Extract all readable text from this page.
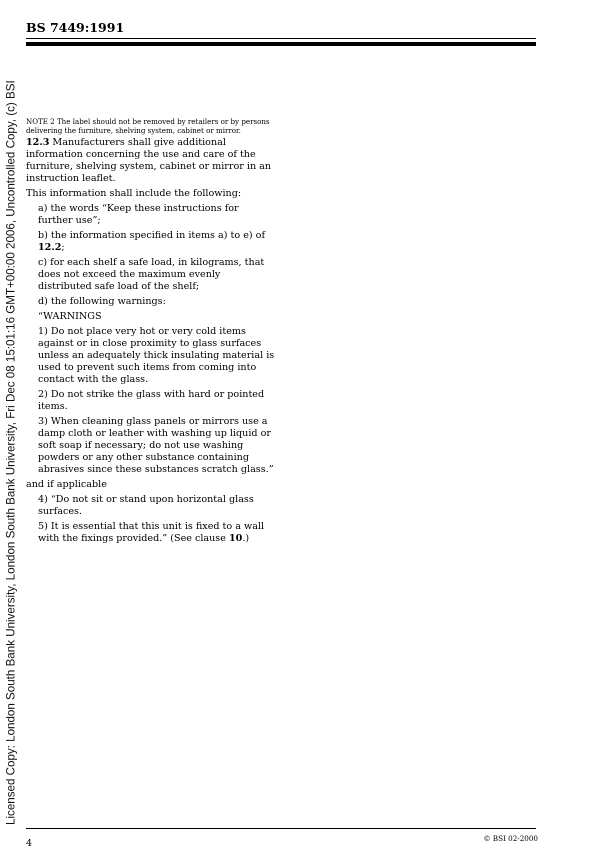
Licensed Copy: London South Bank University, London South Bank University, Fri Dec 08 15:01:16 GMT+00:00 2006, Uncontrolled Copy, (c) BSI
BS 7449:1991
NOTE 2 The label should not be removed by retailers or by persons delivering the furniture, shelving system, cabinet or mirror.
12.3 Manufacturers shall give additional information concerning the use and care of the furniture, shelving system, cabinet or mirror in an instruction leaflet.
This information shall include the following:
a) the words “Keep these instructions for further use”;
b) the information specified in items a) to e) of 12.2;
c) for each shelf a safe load, in kilograms, that does not exceed the maximum evenly distributed safe load of the shelf;
d) the following warnings:
“WARNINGS
1) Do not place very hot or very cold items against or in close proximity to glass surfaces unless an adequately thick insulating material is used to prevent such items from coming into contact with the glass.
2) Do not strike the glass with hard or pointed items.
3) When cleaning glass panels or mirrors use a damp cloth or leather with washing up liquid or soft soap if necessary; do not use washing powders or any other substance containing abrasives since these substances scratch glass.”
and if applicable
4) “Do not sit or stand upon horizontal glass surfaces.
5) It is essential that this unit is fixed to a wall with the fixings provided.” (See clause 10.)
4	© BSI 02-2000
